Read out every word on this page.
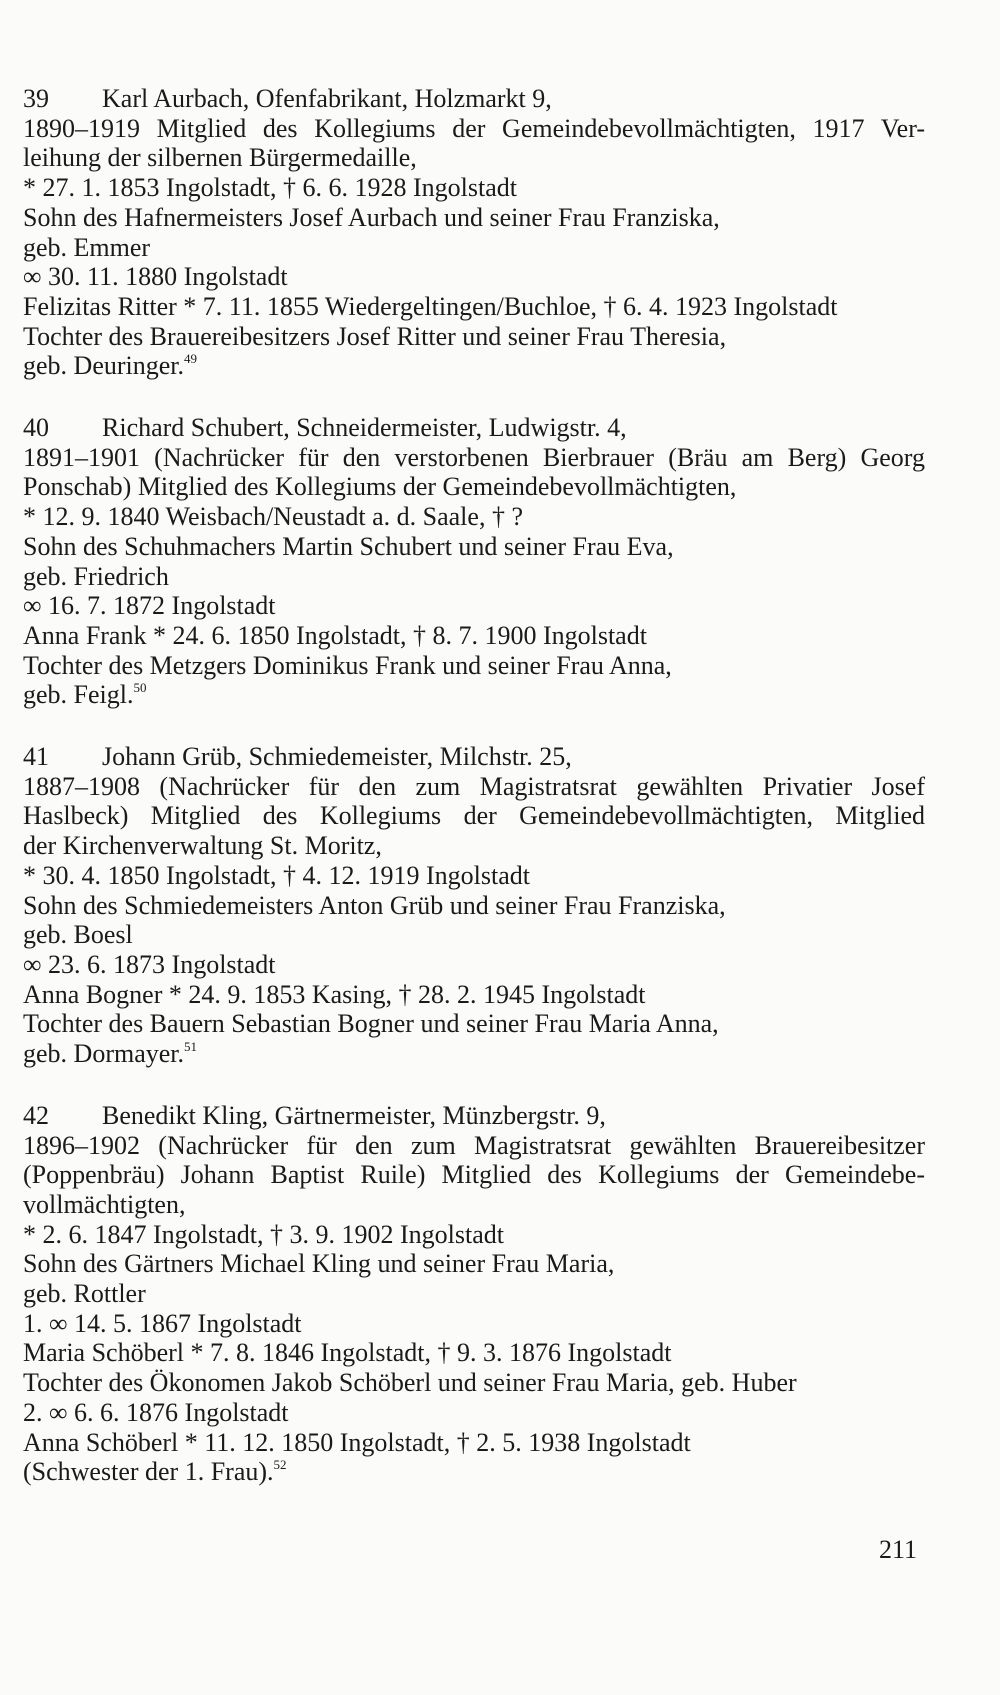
39 Karl Aurbach, Ofenfabrikant, Holzmarkt 9,
1890–1919 Mitglied des Kollegiums der Gemeindebevollmächtigten, 1917 Ver-
leihung der silbernen Bürgermedaille,
* 27. 1. 1853 Ingolstadt, † 6. 6. 1928 Ingolstadt
Sohn des Hafnermeisters Josef Aurbach und seiner Frau Franziska,
geb. Emmer
∞ 30. 11. 1880 Ingolstadt
Felizitas Ritter * 7. 11. 1855 Wiedergeltingen/Buchloe, † 6. 4. 1923 Ingolstadt
Tochter des Brauereibesitzers Josef Ritter und seiner Frau Theresia,
geb. Deuringer.$^{49}$
40 Richard Schubert, Schneidermeister, Ludwigstr. 4,
1891–1901 (Nachrücker für den verstorbenen Bierbrauer (Bräu am Berg) Georg
Ponschab) Mitglied des Kollegiums der Gemeindebevollmächtigten,
* 12. 9. 1840 Weisbach/Neustadt a. d. Saale, † ?
Sohn des Schuhmachers Martin Schubert und seiner Frau Eva,
geb. Friedrich
∞ 16. 7. 1872 Ingolstadt
Anna Frank * 24. 6. 1850 Ingolstadt, † 8. 7. 1900 Ingolstadt
Tochter des Metzgers Dominikus Frank und seiner Frau Anna,
geb. Feigl.$^{50}$
41 Johann Grüb, Schmiedemeister, Milchstr. 25,
1887–1908 (Nachrücker für den zum Magistratsrat gewählten Privatier Josef
Haslbeck) Mitglied des Kollegiums der Gemeindebevollmächtigten, Mitglied
der Kirchenverwaltung St. Moritz,
* 30. 4. 1850 Ingolstadt, † 4. 12. 1919 Ingolstadt
Sohn des Schmiedemeisters Anton Grüb und seiner Frau Franziska,
geb. Boesl
∞ 23. 6. 1873 Ingolstadt
Anna Bogner * 24. 9. 1853 Kasing, † 28. 2. 1945 Ingolstadt
Tochter des Bauern Sebastian Bogner und seiner Frau Maria Anna,
geb. Dormayer.$^{51}$
42 Benedikt Kling, Gärtnermeister, Münzbergstr. 9,
1896–1902 (Nachrücker für den zum Magistratsrat gewählten Brauereibesitzer
(Poppenbräu) Johann Baptist Ruile) Mitglied des Kollegiums der Gemeindebe-
vollmächtigten,
* 2. 6. 1847 Ingolstadt, † 3. 9. 1902 Ingolstadt
Sohn des Gärtners Michael Kling und seiner Frau Maria,
geb. Rottler
1. ∞ 14. 5. 1867 Ingolstadt
Maria Schöberl * 7. 8. 1846 Ingolstadt, † 9. 3. 1876 Ingolstadt
Tochter des Ökonomen Jakob Schöberl und seiner Frau Maria, geb. Huber
2. ∞ 6. 6. 1876 Ingolstadt
Anna Schöberl * 11. 12. 1850 Ingolstadt, † 2. 5. 1938 Ingolstadt
(Schwester der 1. Frau).$^{52}$
211
